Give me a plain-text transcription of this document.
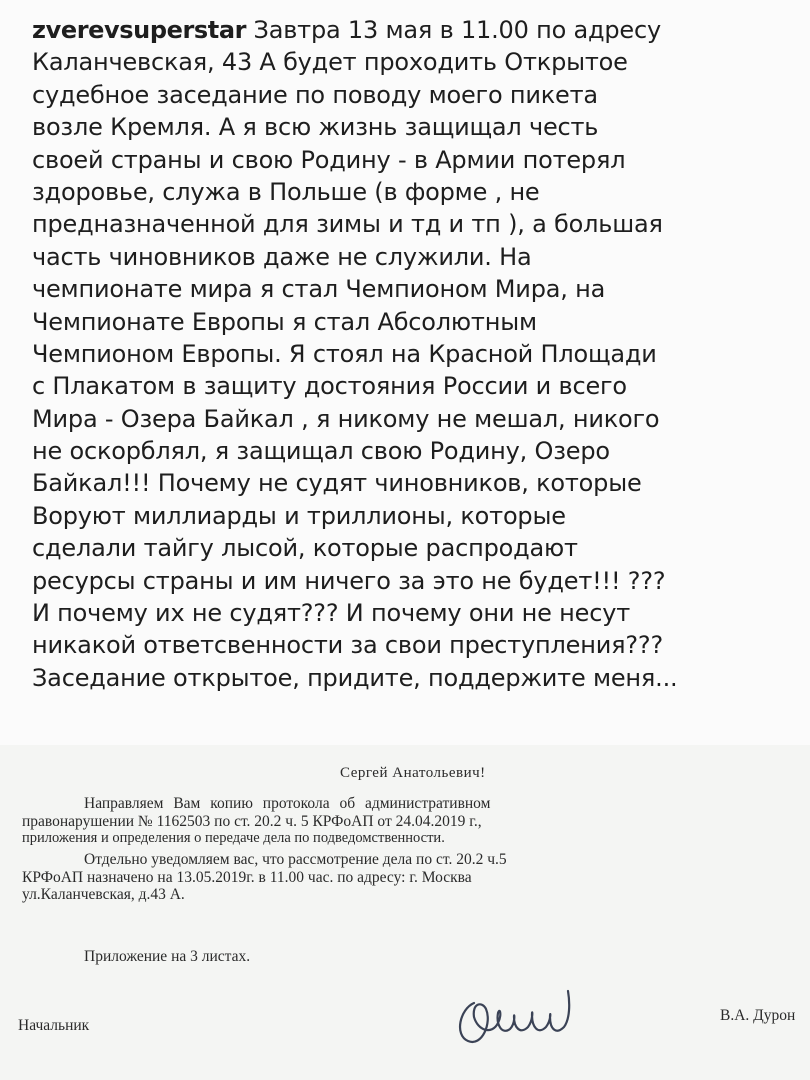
zverevsuperstar Завтра 13 мая в 11.00 по адресу
Каланчевская, 43 А будет проходить Открытое
судебное заседание по поводу моего пикета
возле Кремля. А я всю жизнь защищал честь
своей страны и свою Родину - в Армии потерял
здоровье, служа в Польше (в форме , не
предназначенной для зимы и тд и тп ), а большая
часть чиновников даже не служили. На
чемпионате мира я стал Чемпионом Мира, на
Чемпионате Европы я стал Абсолютным
Чемпионом Европы. Я стоял на Красной Площади
с Плакатом в защиту достояния России и всего
Мира - Озера Байкал , я никому не мешал, никого
не оскорблял, я защищал свою Родину, Озеро
Байкал!!! Почему не судят чиновников, которые
Воруют миллиарды и триллионы, которые
сделали тайгу лысой, которые распродают
ресурсы страны и им ничего за это не будет!!! ???
И почему их не судят??? И почему они не несут
никакой ответсвенности за свои преступления???
Заседание открытое, придите, поддержите меня...
Сергей Анатольевич!
Направляем Вам копию протокола об административном
правонарушении № 1162503 по ст. 20.2 ч. 5 КРФоАП от 24.04.2019 г.,
приложения и определения о передаче дела по подведомственности.
Отдельно уведомляем вас, что рассмотрение дела по ст. 20.2 ч.5
КРФоАП назначено на 13.05.2019г. в 11.00 час. по адресу: г. Москва
ул.Каланчевская, д.43 А.
Приложение на 3 листах.
Начальник
В.А. Дурон
